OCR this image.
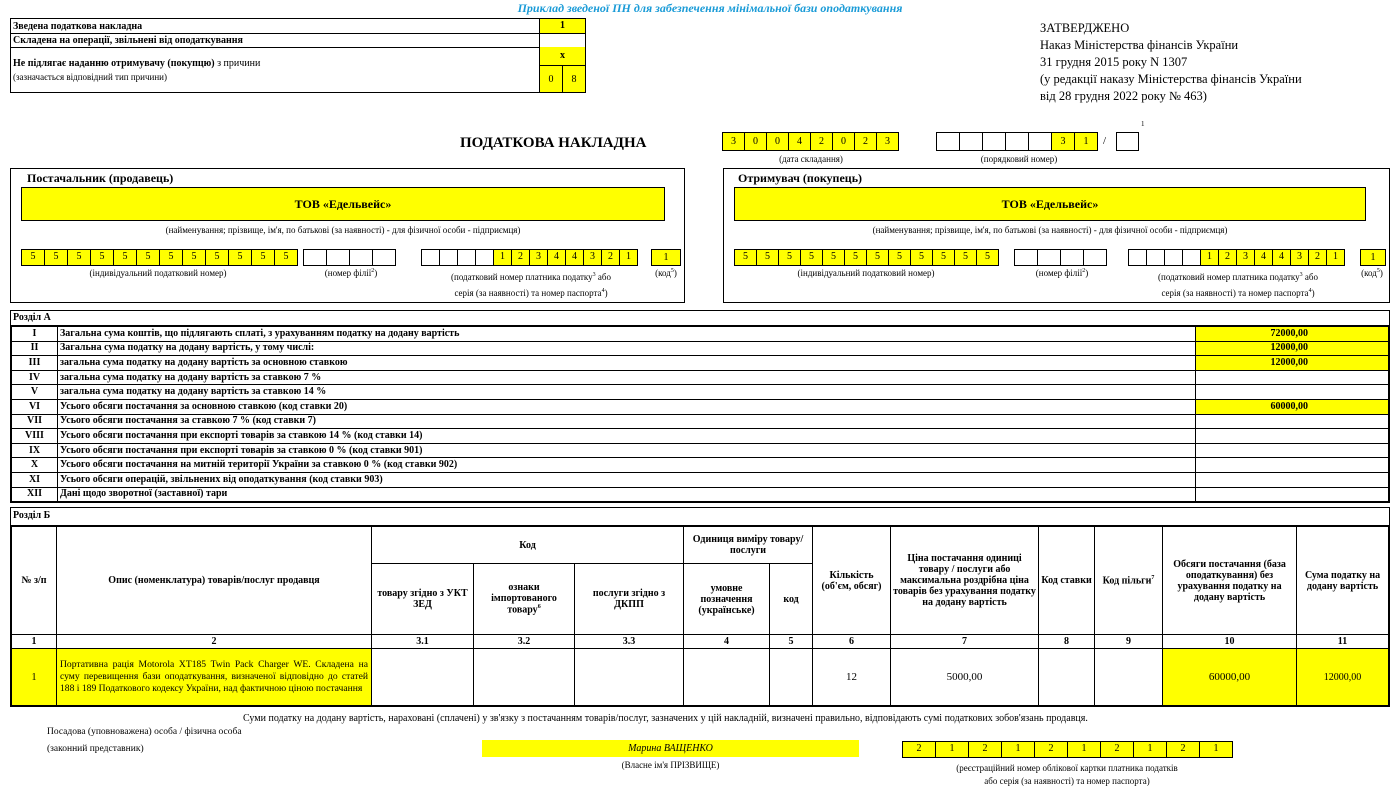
Приклад зведеної ПН для забезпечення мінімальної бази оподаткування
Зведена податкова накладна	1
Складена на операції, звільнені від оподаткування
Не підлягає наданню отримувачу (покупцю) з причини
(зазначається відповідний тип причини)
x
0	8
ЗАТВЕРДЖЕНО
Наказ Міністерства фінансів України
31 грудня 2015 року N 1307
(у редакції наказу Міністерства фінансів України
від 28 грудня 2022 року № 463)
ПОДАТКОВА НАКЛАДНА	3	0	0	4	2	0	2	3
(дата складання)
3	1	/
1
(порядковий номер)
Постачальник (продавець)
ТОВ «Едельвейс»
(найменування; прізвище, ім'я, по батькові (за наявності) - для фізичної особи - підприємця)
5	5	5	5	5	5	5	5	5	5	5	5
(індивідуальний податковий номер)	(номер філії$^2$)
1	2	3	4	4	3	2	1
(податковий номер платника податку$^3$ або
серія (за наявності) та номер паспорта$^4$)
1
(код$^5$)
Отримувач (покупець)
ТОВ «Едельвейс»
(найменування; прізвище, ім'я, по батькові (за наявності) - для фізичної особи - підприємця)
5	5	5	5	5	5	5	5	5	5	5	5
(індивідуальний податковий номер)	(номер філії$^2$)
1	2	3	4	4	3	2	1
(податковий номер платника податку$^3$ або
серія (за наявності) та номер паспорта$^4$)
1
(код$^5$)
Розділ А
I	Загальна сума коштів, що підлягають сплаті, з урахуванням податку на додану вартість	72000,00
II	Загальна сума податку на додану вартість, у тому числі:	12000,00
III	загальна сума податку на додану вартість за основною ставкою	12000,00
IV	загальна сума податку на додану вартість за ставкою 7 %	
V	загальна сума податку на додану вартість за ставкою 14 %	
VI	Усього обсяги постачання за основною ставкою (код ставки 20)	60000,00
VII	Усього обсяги постачання за ставкою 7 % (код ставки 7)	
VIII	Усього обсяги постачання при експорті товарів за ставкою 14 % (код ставки 14)	
IX	Усього обсяги постачання при експорті товарів за ставкою 0 % (код ставки 901)	
X	Усього обсяги постачання на митній території України за ставкою 0 % (код ставки 902)	
XI	Усього обсяги операцій, звільнених від оподаткування (код ставки 903)	
XII	Дані щодо зворотної (заставної) тари	
Розділ Б
№ з/п	Опис (номенклатура) товарів/послуг продавця	Код			Одиниця виміру товару/послуги		Кількість (об'єм, обсяг)	Ціна постачання одиниці товару / послуги або максимальна роздрібна ціна товарів без урахування податку на додану вартість	Код ставки	Код пільги$^7$	Обсяги постачання (база оподаткування) без урахування податку на додану вартість	Сума податку на додану вартість
		товару згідно з УКТ ЗЕД	ознаки імпортованого товару$^6$	послуги згідно з ДКПП	умовне позначення (українське)	код						
1	2	3.1	3.2	3.3	4	5	6	7	8	9	10	11
1	Портативна рація Motorola XT185 Twin Pack Charger WE. Складена на суму перевищення бази оподаткування, визначеної відповідно до статей 188 і 189 Податкового кодексу України, над фактичною ціною постачання						12	5000,00			60000,00	12000,00
Суми податку на додану вартість, нараховані (сплачені) у зв'язку з постачанням товарів/послуг, зазначених у цій накладній, визначені правильно, відповідають сумі податкових зобов'язань продавця.
Посадова (уповноважена) особа / фізична особа
(законний представник)	Марина ВАЩЕНКО
(Власне ім'я ПРІЗВИЩЕ)
2	1	2	1	2	1	2	1	2	1
(реєстраційний номер облікової картки платника податків
або серія (за наявності) та номер паспорта)
